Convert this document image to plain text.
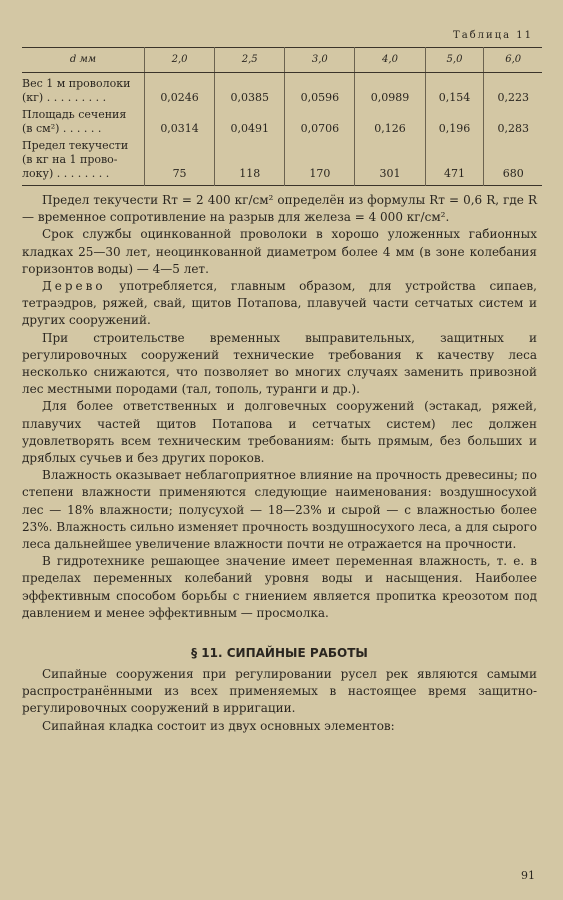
Таблица 11
d мм	2,0	2,5	3,0	4,0	5,0	6,0

Вес 1 м проволоки
(кг) . . . . . . . . .	0,0246	0,0385	0,0596	0,0989	0,154	0,223

Площадь сечения
(в см²) . . . . . .	0,0314	0,0491	0,0706	0,126	0,196	0,283

Предел текучести
(в кг на 1 прово-
локу) . . . . . . . .	75	118	170	301	471	680

Предел текучести Rт = 2 400 кг/см² определён из формулы Rт = 0,6 R, где R — временное сопротивление на разрыв для железа = 4 000 кг/см².

Срок службы оцинкованной проволоки в хорошо уложенных габионных кладках 25—30 лет, неоцинкованной диаметром более 4 мм (в зоне колебания горизонтов воды) — 4—5 лет.

Дерево употребляется, главным образом, для устройства сипаев, тетраэдров, ряжей, свай, щитов Потапова, плавучей части сетчатых систем и других сооружений.

При строительстве временных выправительных, защитных и регулировочных сооружений технические требования к качеству леса несколько снижаются, что позволяет во многих случаях заменить привозной лес местными породами (тал, тополь, туранги и др.).

Для более ответственных и долговечных сооружений (эстакад, ряжей, плавучих частей щитов Потапова и сетчатых систем) лес должен удовлетворять всем техническим требованиям: быть прямым, без больших и дряблых сучьев и без других пороков.

Влажность оказывает неблагоприятное влияние на прочность древесины; по степени влажности применяются следующие наименования: воздушносухой лес — 18% влажности; полусухой — 18—23% и сырой — с влажностью более 23%. Влажность сильно изменяет прочность воздушносухого леса, а для сырого леса дальнейшее увеличение влажности почти не отражается на прочности.

В гидротехнике решающее значение имеет переменная влажность, т. е. в пределах переменных колебаний уровня воды и насыщения. Наиболее эффективным способом борьбы с гниением является пропитка креозотом под давлением и менее эффективным — просмолка.

§ 11. СИПАЙНЫЕ РАБОТЫ

Сипайные сооружения при регулировании русел рек являются самыми распространёнными из всех применяемых в настоящее время защитно-регулировочных сооружений в ирригации.

Сипайная кладка состоит из двух основных элементов:

91
